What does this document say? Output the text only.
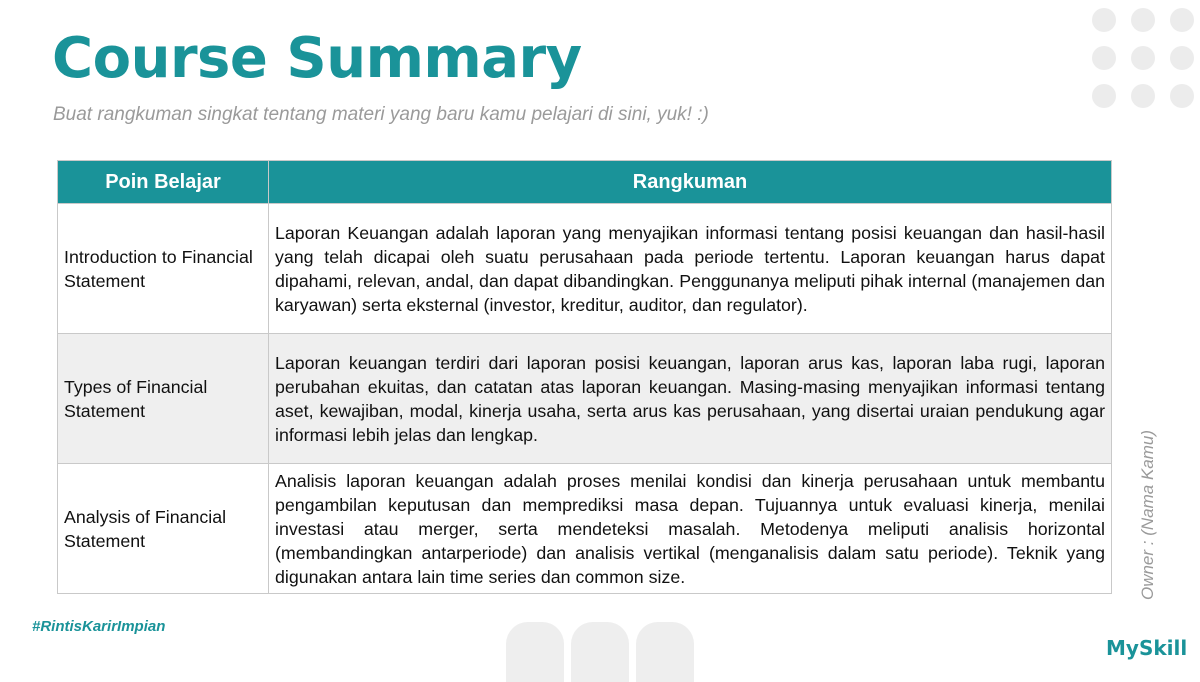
Course Summary
Buat rangkuman singkat tentang materi yang baru kamu pelajari di sini, yuk! :)
Poin Belajar	Rangkuman
Introduction to Financial Statement	Laporan Keuangan adalah laporan yang menyajikan informasi tentang posisi keuangan dan hasil-hasil yang telah dicapai oleh suatu perusahaan pada periode tertentu. Laporan keuangan harus dapat dipahami, relevan, andal, dan dapat dibandingkan. Penggunanya meliputi pihak internal (manajemen dan karyawan) serta eksternal (investor, kreditur, auditor, dan regulator).
Types of Financial Statement	Laporan keuangan terdiri dari laporan posisi keuangan, laporan arus kas, laporan laba rugi, laporan perubahan ekuitas, dan catatan atas laporan keuangan. Masing-masing menyajikan informasi tentang aset, kewajiban, modal, kinerja usaha, serta arus kas perusahaan, yang disertai uraian pendukung agar informasi lebih jelas dan lengkap.
Analysis of Financial Statement	Analisis laporan keuangan adalah proses menilai kondisi dan kinerja perusahaan untuk membantu pengambilan keputusan dan memprediksi masa depan. Tujuannya untuk evaluasi kinerja, menilai investasi atau merger, serta mendeteksi masalah. Metodenya meliputi analisis horizontal (membandingkan antarperiode) dan analisis vertikal (menganalisis dalam satu periode). Teknik yang digunakan antara lain time series dan common size.
#RintisKarirImpian
Owner : (Nama Kamu)
MySkill
